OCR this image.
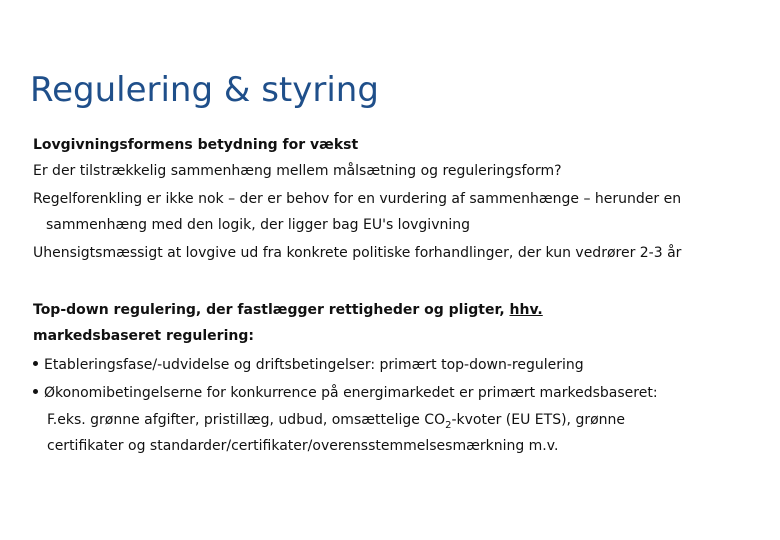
Regulering & styring
Lovgivningsformens betydning for vækst
Er der tilstrækkelig sammenhæng mellem målsætning og reguleringsform?
Regelforenkling er ikke nok – der er behov for en vurdering af sammenhænge – herunder en
sammenhæng med den logik, der ligger bag EU's lovgivning
Uhensigtsmæssigt at lovgive ud fra konkrete politiske forhandlinger, der kun vedrører 2-3 år
Top-down regulering, der fastlægger rettigheder og pligter, hhv.
markedsbaseret regulering:
Etableringsfase/-udvidelse og driftsbetingelser: primært top-down-regulering
Økonomibetingelserne for konkurrence på energimarkedet er primært markedsbaseret:
F.eks. grønne afgifter, pristillæg, udbud, omsættelige $CO_2$-kvoter (EU ETS), grønne
certifikater og standarder/certifikater/overensstemmelsesmærkning m.v.
